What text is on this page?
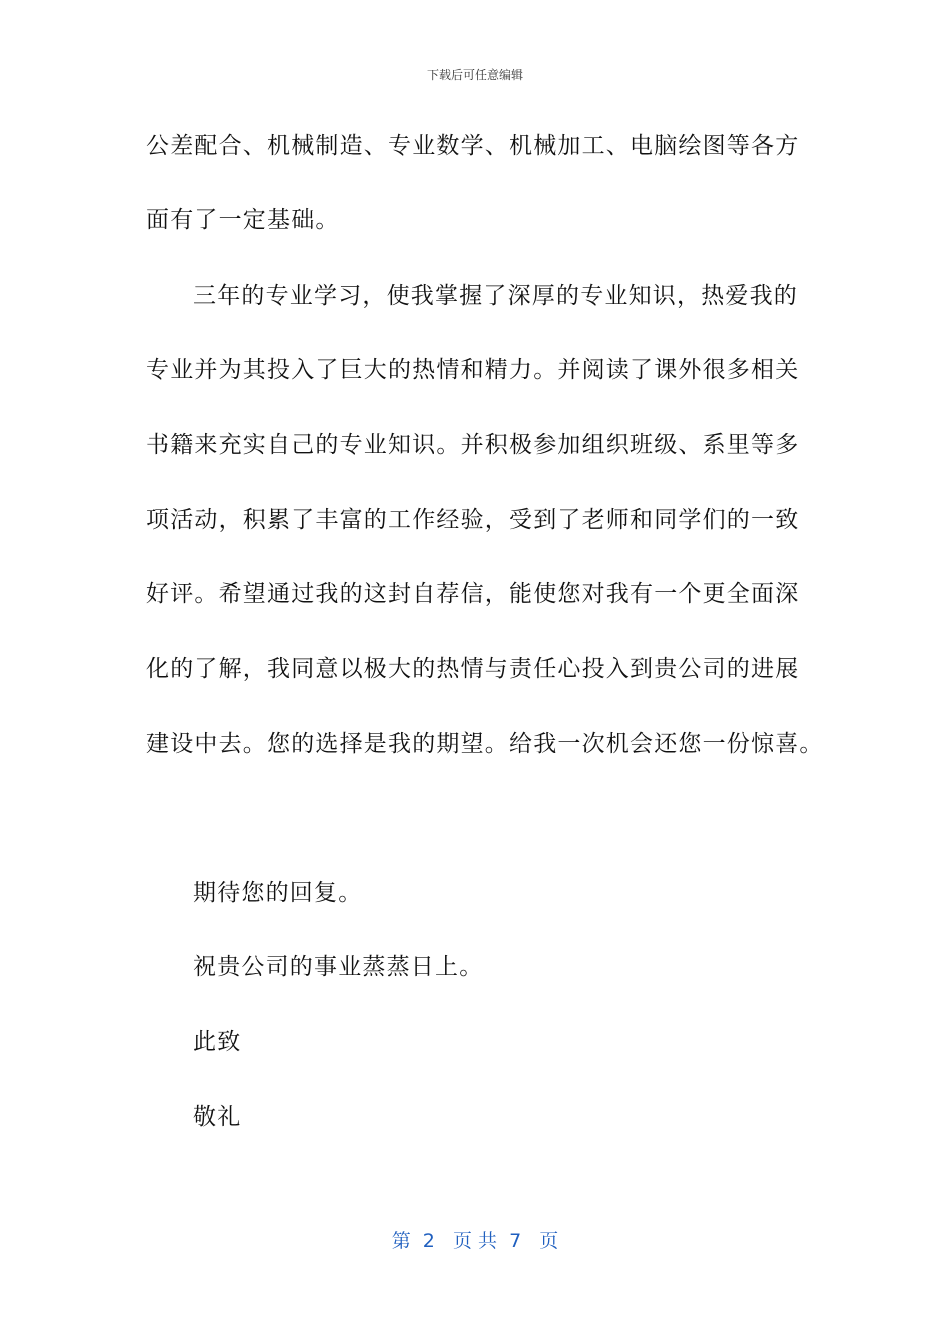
下载后可任意编辑
公差配合、机械制造、专业数学、机械加工、电脑绘图等各方
面有了一定基础。
三年的专业学习，使我掌握了深厚的专业知识，热爱我的
专业并为其投入了巨大的热情和精力。并阅读了课外很多相关
书籍来充实自己的专业知识。并积极参加组织班级、系里等多
项活动，积累了丰富的工作经验，受到了老师和同学们的一致
好评。希望通过我的这封自荐信，能使您对我有一个更全面深
化的了解，我同意以极大的热情与责任心投入到贵公司的进展
建设中去。您的选择是我的期望。给我一次机会还您一份惊喜。
期待您的回复。
祝贵公司的事业蒸蒸日上。
此致
敬礼
第  2   页 共  7   页
